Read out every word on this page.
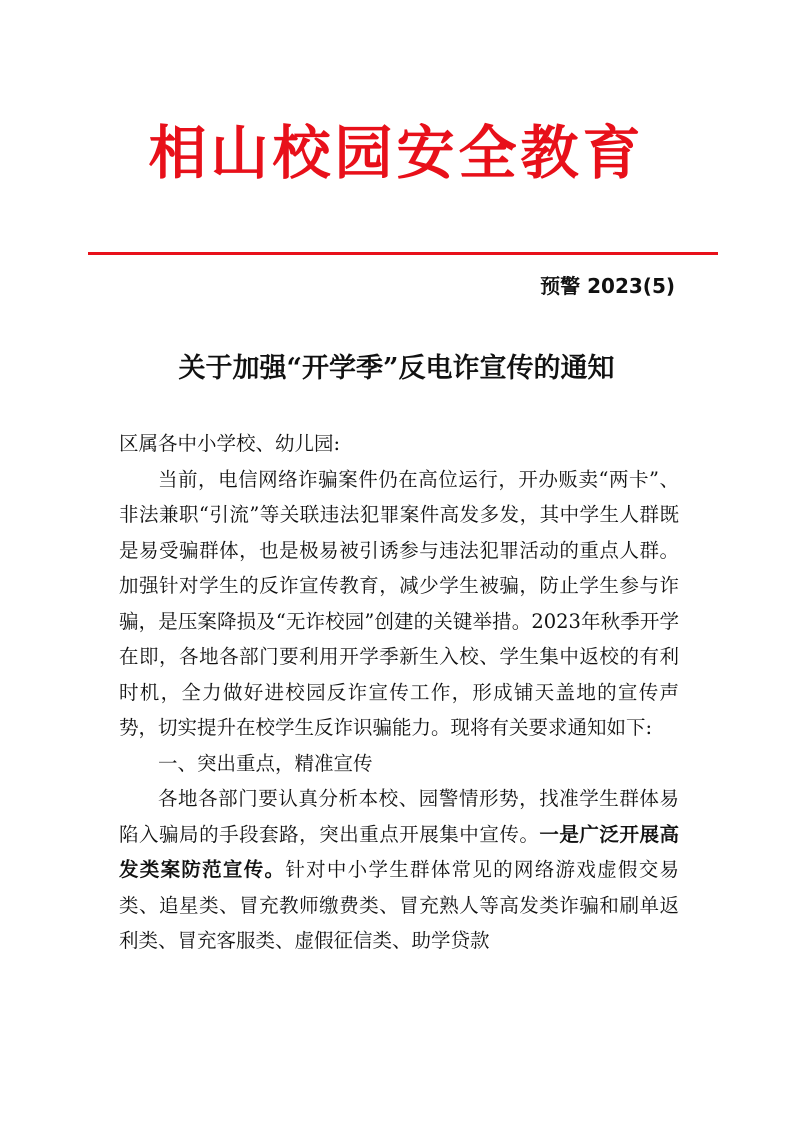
相山校园安全教育
预警 2023(5)
关于加强“开学季”反电诈宣传的通知

区属各中小学校、幼儿园:

当前，电信网络诈骗案件仍在高位运行，开办贩卖“两卡”、非法兼职“引流”等关联违法犯罪案件高发多发，其中学生人群既是易受骗群体，也是极易被引诱参与违法犯罪活动的重点人群。加强针对学生的反诈宣传教育，减少学生被骗，防止学生参与诈骗，是压案降损及“无诈校园”创建的关键举措。2023年秋季开学在即，各地各部门要利用开学季新生入校、学生集中返校的有利时机，全力做好进校园反诈宣传工作，形成铺天盖地的宣传声势，切实提升在校学生反诈识骗能力。现将有关要求通知如下:

一、突出重点，精准宣传

各地各部门要认真分析本校、园警情形势，找准学生群体易陷入骗局的手段套路，突出重点开展集中宣传。一是广泛开展高发类案防范宣传。针对中小学生群体常见的网络游戏虚假交易类、追星类、冒充教师缴费类、冒充熟人等高发类诈骗和刷单返利类、冒充客服类、虚假征信类、助学贷款
